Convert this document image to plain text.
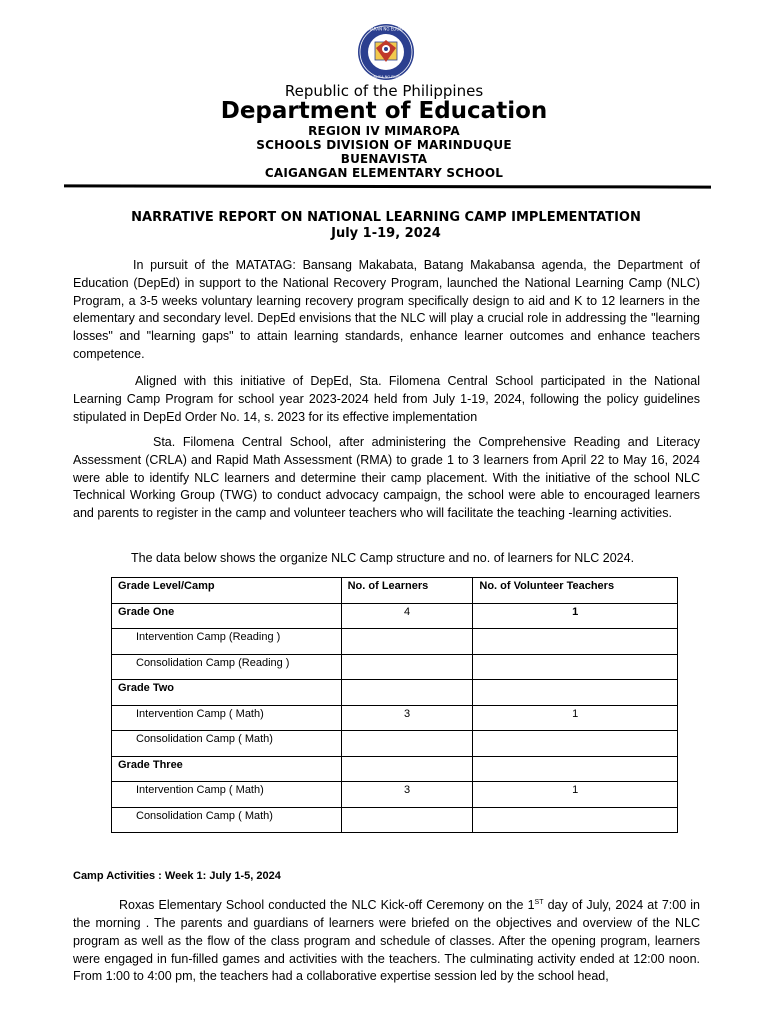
KAGAWARAN NG EDUKASYON
REPUBLIKA NG PILIPINAS
Republic of the Philippines
Department of Education
REGION IV MIMAROPA
SCHOOLS DIVISION OF MARINDUQUE
BUENAVISTA
CAIGANGAN ELEMENTARY SCHOOL
NARRATIVE REPORT ON NATIONAL LEARNING CAMP IMPLEMENTATION
July 1-19, 2024

In pursuit of the MATATAG: Bansang Makabata, Batang Makabansa agenda, the Department of Education (DepEd) in support to the National Recovery Program, launched the National Learning Camp (NLC) Program, a 3-5 weeks voluntary learning recovery program specifically design to aid and K to 12 learners in the elementary and secondary level. DepEd envisions that the NLC will play a crucial role in addressing the "learning losses" and "learning gaps" to attain learning standards, enhance learner outcomes and enhance teachers competence.

Aligned with this initiative of DepEd, Sta. Filomena Central School participated in the National Learning Camp Program for school year 2023-2024 held from July 1-19, 2024, following the policy guidelines stipulated in DepEd Order No. 14, s. 2023 for its effective implementation

Sta. Filomena Central School, after administering the Comprehensive Reading and Literacy Assessment (CRLA) and Rapid Math Assessment (RMA) to grade 1 to 3 learners from April 22 to May 16, 2024 were able to identify NLC learners and determine their camp placement. With the initiative of the school NLC Technical Working Group (TWG) to conduct advocacy campaign, the school were able to encouraged learners and parents to register in the camp and volunteer teachers who will facilitate the teaching -learning activities.

The data below shows the organize NLC Camp structure and no. of learners for NLC 2024.

Grade Level/Camp	No. of Learners	No. of Volunteer Teachers
Grade One	4	1
Intervention Camp (Reading )		
Consolidation Camp (Reading )		
Grade Two		
Intervention Camp ( Math)	3	1
Consolidation Camp ( Math)		
Grade Three		
Intervention Camp ( Math)	3	1
Consolidation Camp ( Math)		
Camp Activities : Week 1: July 1-5, 2024

Roxas Elementary School conducted the NLC Kick-off Ceremony on the 1ST day of July, 2024 at 7:00 in the morning . The parents and guardians of learners were briefed on the objectives and overview of the NLC program as well as the flow of the class program and schedule of classes. After the opening program, learners were engaged in fun-filled games and activities with the teachers. The culminating activity ended at 12:00 noon. From 1:00 to 4:00 pm, the teachers had a collaborative expertise session led by the school head,
